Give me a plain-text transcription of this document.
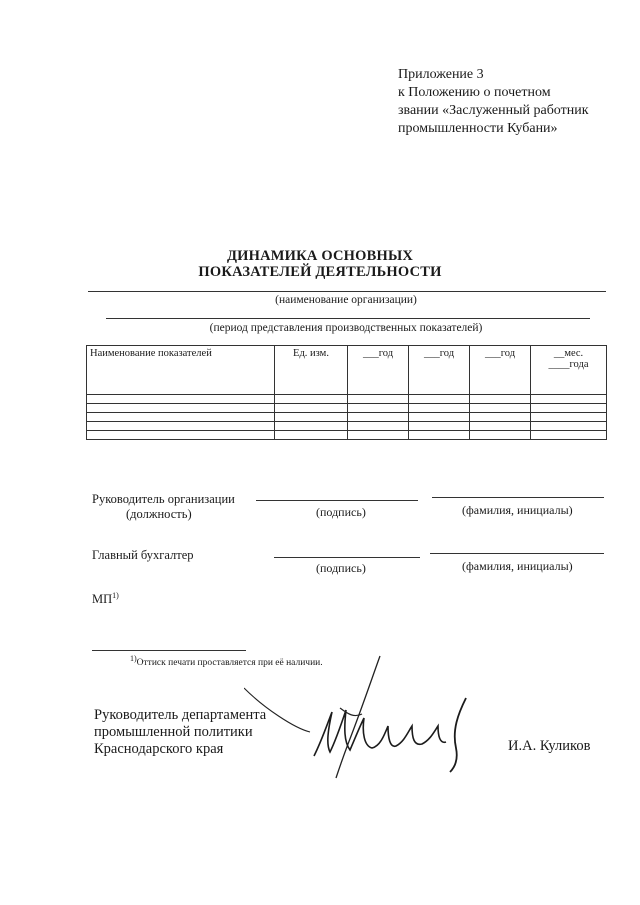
Приложение 3
к Положению о почетном
звании «Заслуженный работник
промышленности Кубани»
ДИНАМИКА ОСНОВНЫХ
ПОКАЗАТЕЛЕЙ ДЕЯТЕЛЬНОСТИ
(наименование организации)
(период представления производственных показателей)
Наименование показателей	Ед. изм.	___год	___год	___год	__мес.
____года

Руководитель организации
(должность)	(подпись)	(фамилия, инициалы)
Главный бухгалтер
(подпись)	(фамилия, инициалы)
МП$^{1)}$
$^{1)}$Оттиск печати проставляется при её наличии.
Руководитель департамента
промышленной политики
Краснодарского края	И.А. Куликов
